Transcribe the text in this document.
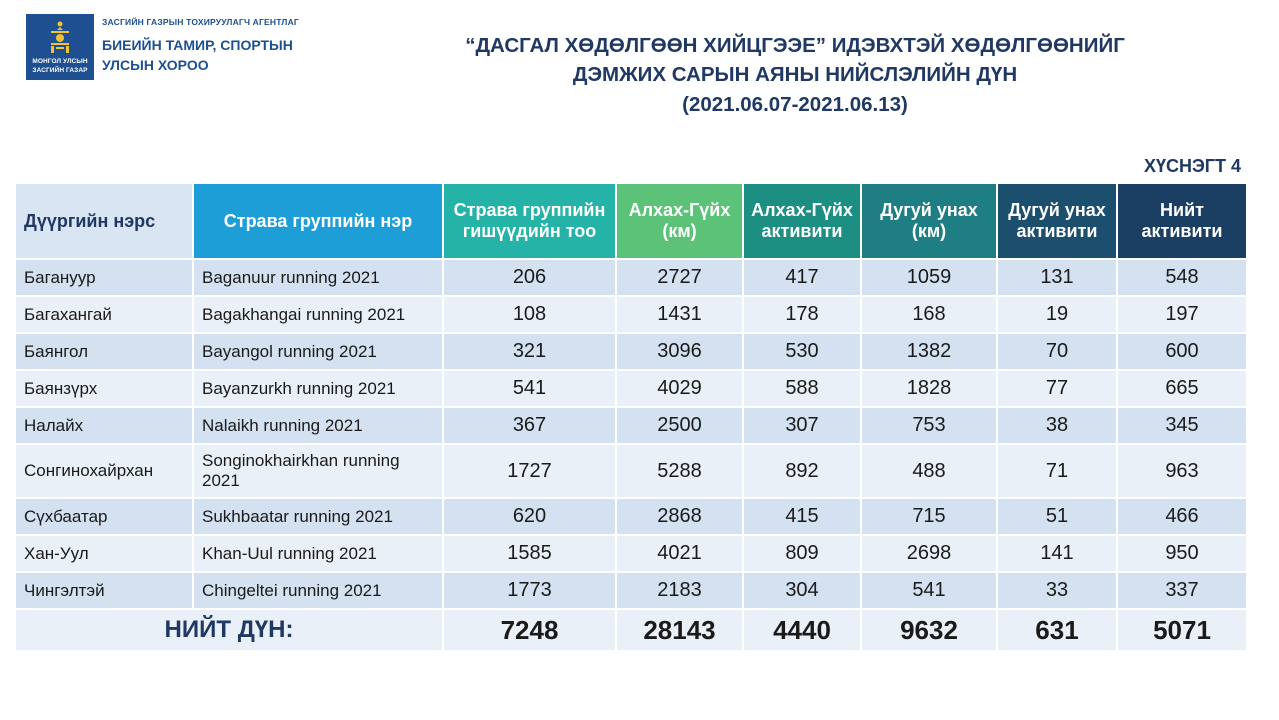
МОНГОЛ УЛСЫН
ЗАСГИЙН ГАЗАР
ЗАСГИЙН ГАЗРЫН ТОХИРУУЛАГЧ АГЕНТЛАГ
БИЕИЙН ТАМИР, СПОРТЫН
УЛСЫН ХОРОО
“ДАСГАЛ ХӨДӨЛГӨӨН ХИЙЦГЭЭЕ” ИДЭВХТЭЙ ХӨДӨЛГӨӨНИЙГ
ДЭМЖИХ САРЫН АЯНЫ НИЙСЛЭЛИЙН ДҮН
(2021.06.07-2021.06.13)
ХҮСНЭГТ 4
Дүүргийн нэрс	Страва группийн нэр	Страва группийн гишүүдийн тоо	Алхах-Гүйх (км)	Алхах-Гүйх активити	Дугуй унах (км)	Дугуй унах активити	Нийт активити
Багануур	Baganuur running 2021	206	2727	417	1059	131	548
Багахангай	Bagakhangai running 2021	108	1431	178	168	19	197
Баянгол	Bayangol running 2021	321	3096	530	1382	70	600
Баянзүрх	Bayanzurkh running 2021	541	4029	588	1828	77	665
Налайх	Nalaikh running 2021	367	2500	307	753	38	345
Сонгинохайрхан	Songinokhairkhan running 2021	1727	5288	892	488	71	963
Сүхбаатар	Sukhbaatar running 2021	620	2868	415	715	51	466
Хан-Уул	Khan-Uul running 2021	1585	4021	809	2698	141	950
Чингэлтэй	Chingeltei running 2021	1773	2183	304	541	33	337
НИЙТ ДҮН:		7248	28143	4440	9632	631	5071
